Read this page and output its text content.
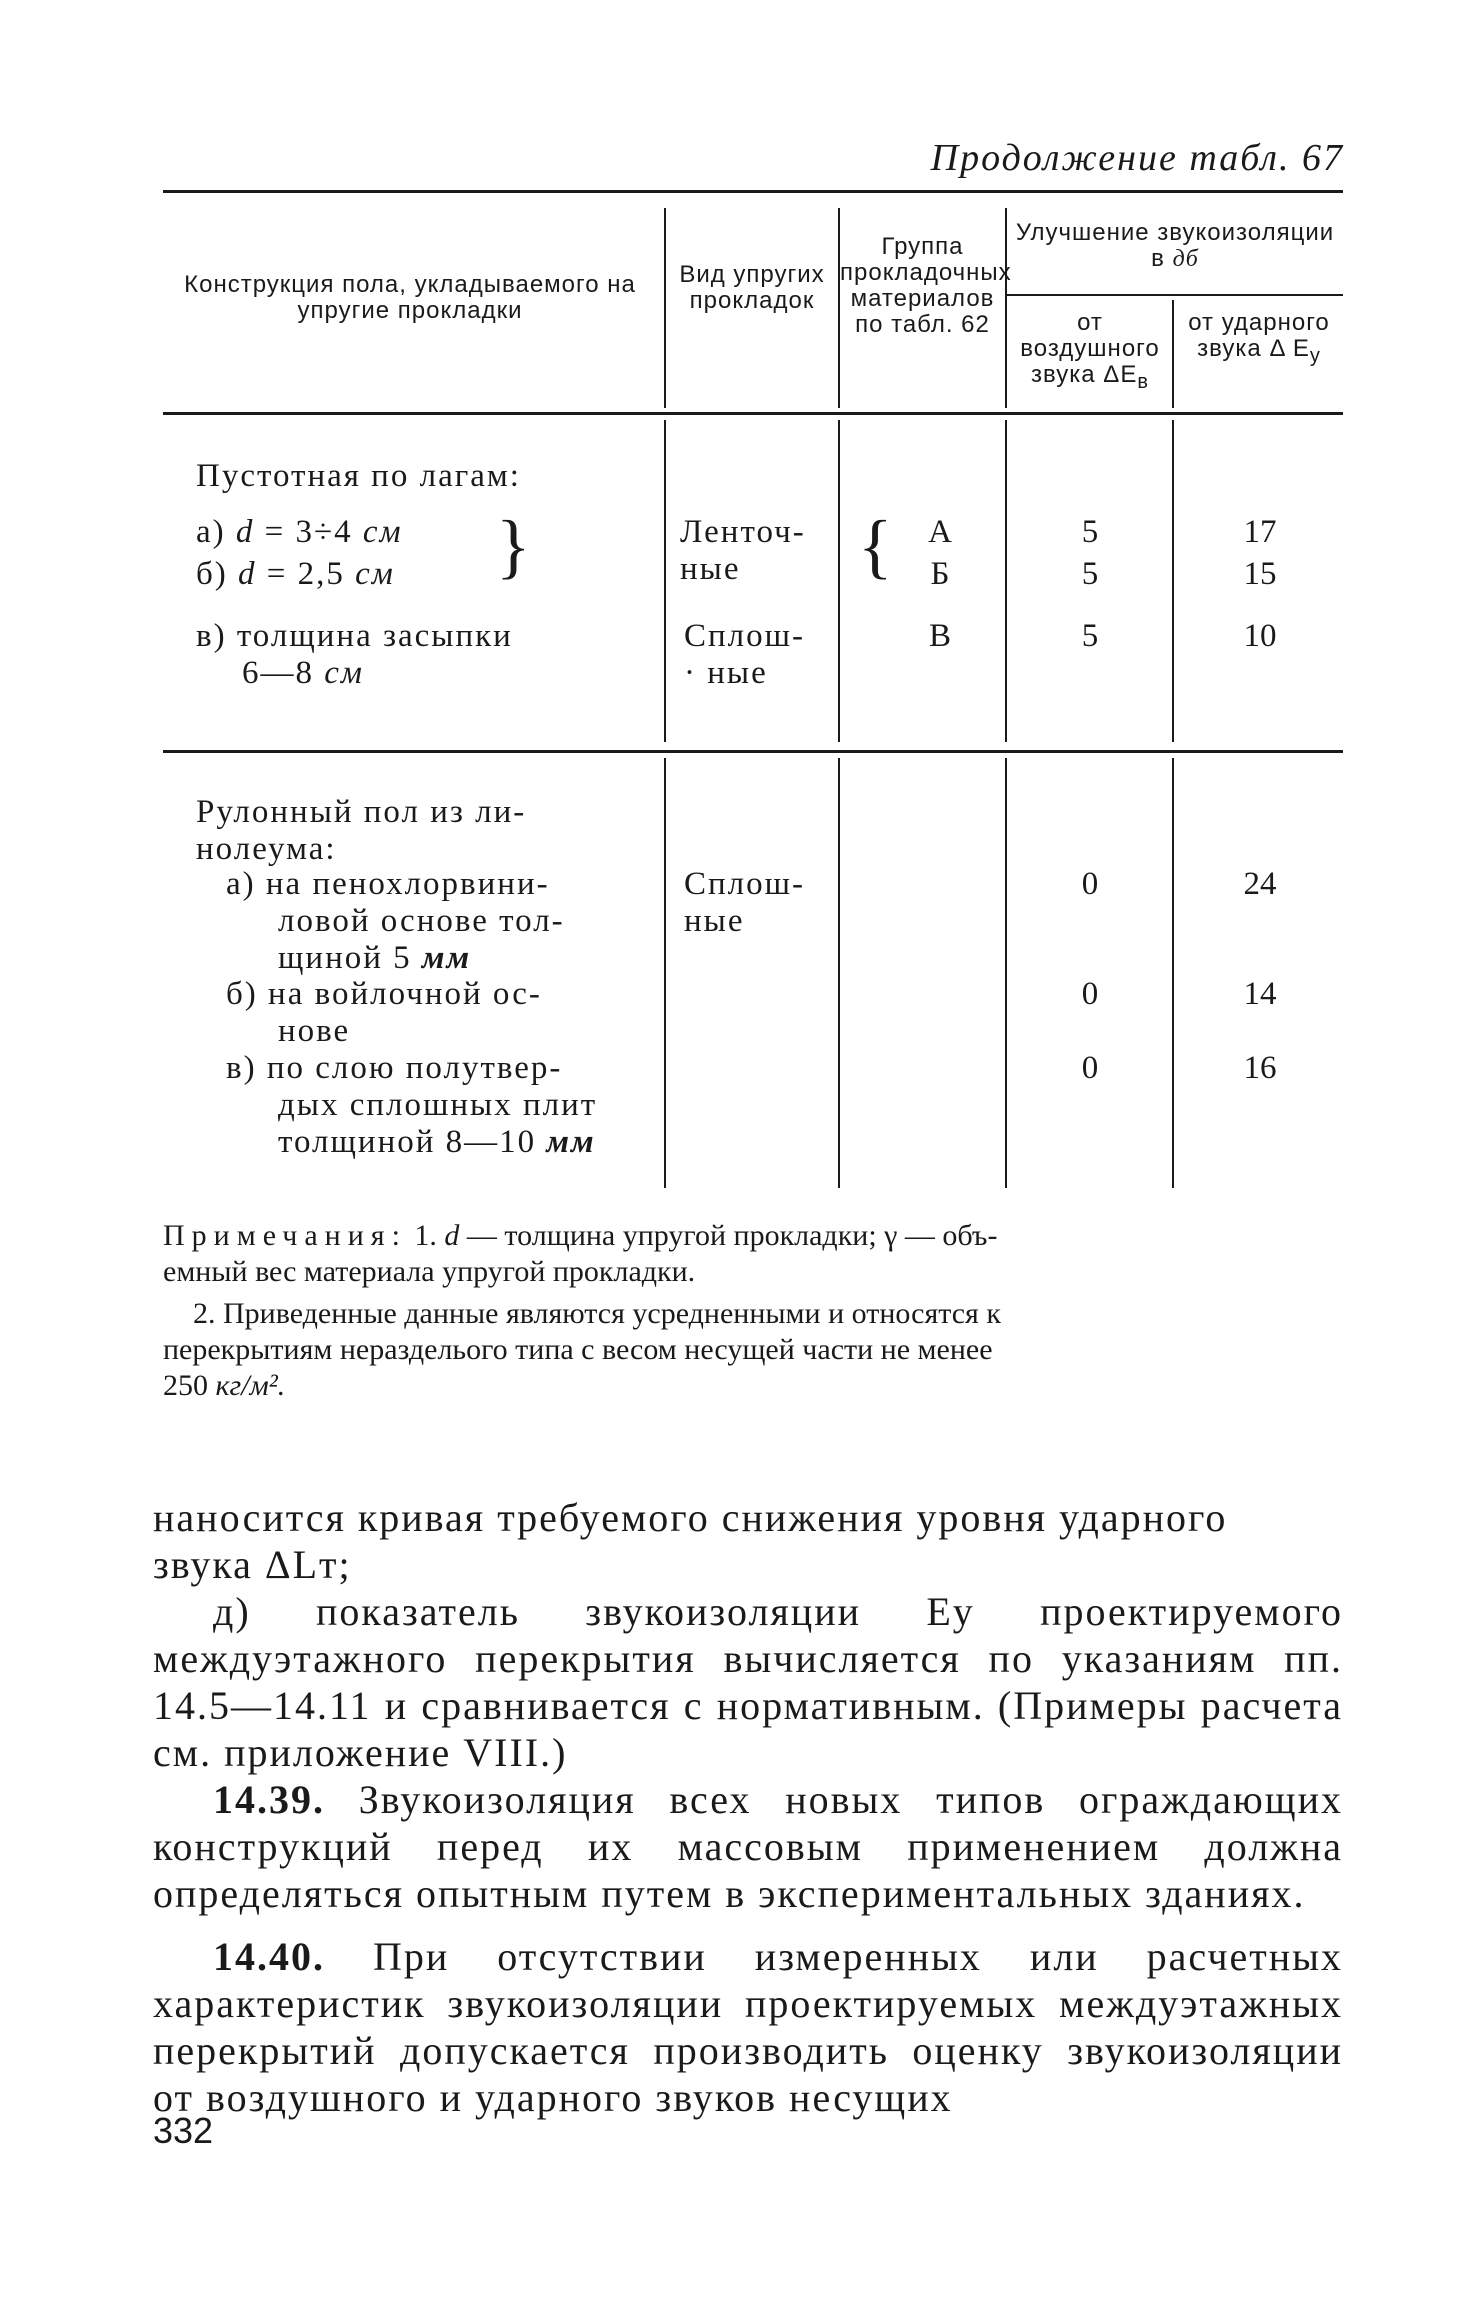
Продолжение табл. 67
Конструкция пола, укладываемого на упругие прокладки
Вид упругих прокладок
Группа прокладочных материалов по табл. 62
Улучшение звукоизоляции в дб
от воздушного звука $\Delta E_в$
от ударного звука Δ $E_у$
Пустотная по лагам:
а) d = 3÷4 см
б) d = 2,5 см }
в) толщина засыпки
6—8 см
Ленточ-
ные
Сплош-
· ные
{	А
Б
В
5
5
5
17
15
10
Рулонный пол из ли-
нолеума:
а) на пенохлорвини-
ловой основе тол-
щиной 5 мм
б) на войлочной ос-
нове
в) по слою полутвер-
дых сплошных плит
толщиной 8—10 мм
Сплош-
ные
0
0
0
24
14
16
Примечания: 1. d — толщина упругой прокладки; γ — объ-
емный вес материала упругой прокладки.
2. Приведенные данные являются усредненными и относятся к
перекрытиям неразделього типа с весом несущей части не менее
250 кг/м².

наносится кривая требуемого снижения уровня ударного
звука ΔLт;

д) показатель звукоизоляции Eу проектируемого междуэтажного перекрытия вычисляется по указаниям пп. 14.5—14.11 и сравнивается с нормативным. (Примеры расчета см. приложение VIII.)

14.39. Звукоизоляция всех новых типов ограждающих конструкций перед их массовым применением должна определяться опытным путем в экспериментальных зданиях.

14.40. При отсутствии измеренных или расчетных характеристик звукоизоляции проектируемых междуэтажных перекрытий допускается производить оценку звукоизоляции от воздушного и ударного звуков несущих

332
